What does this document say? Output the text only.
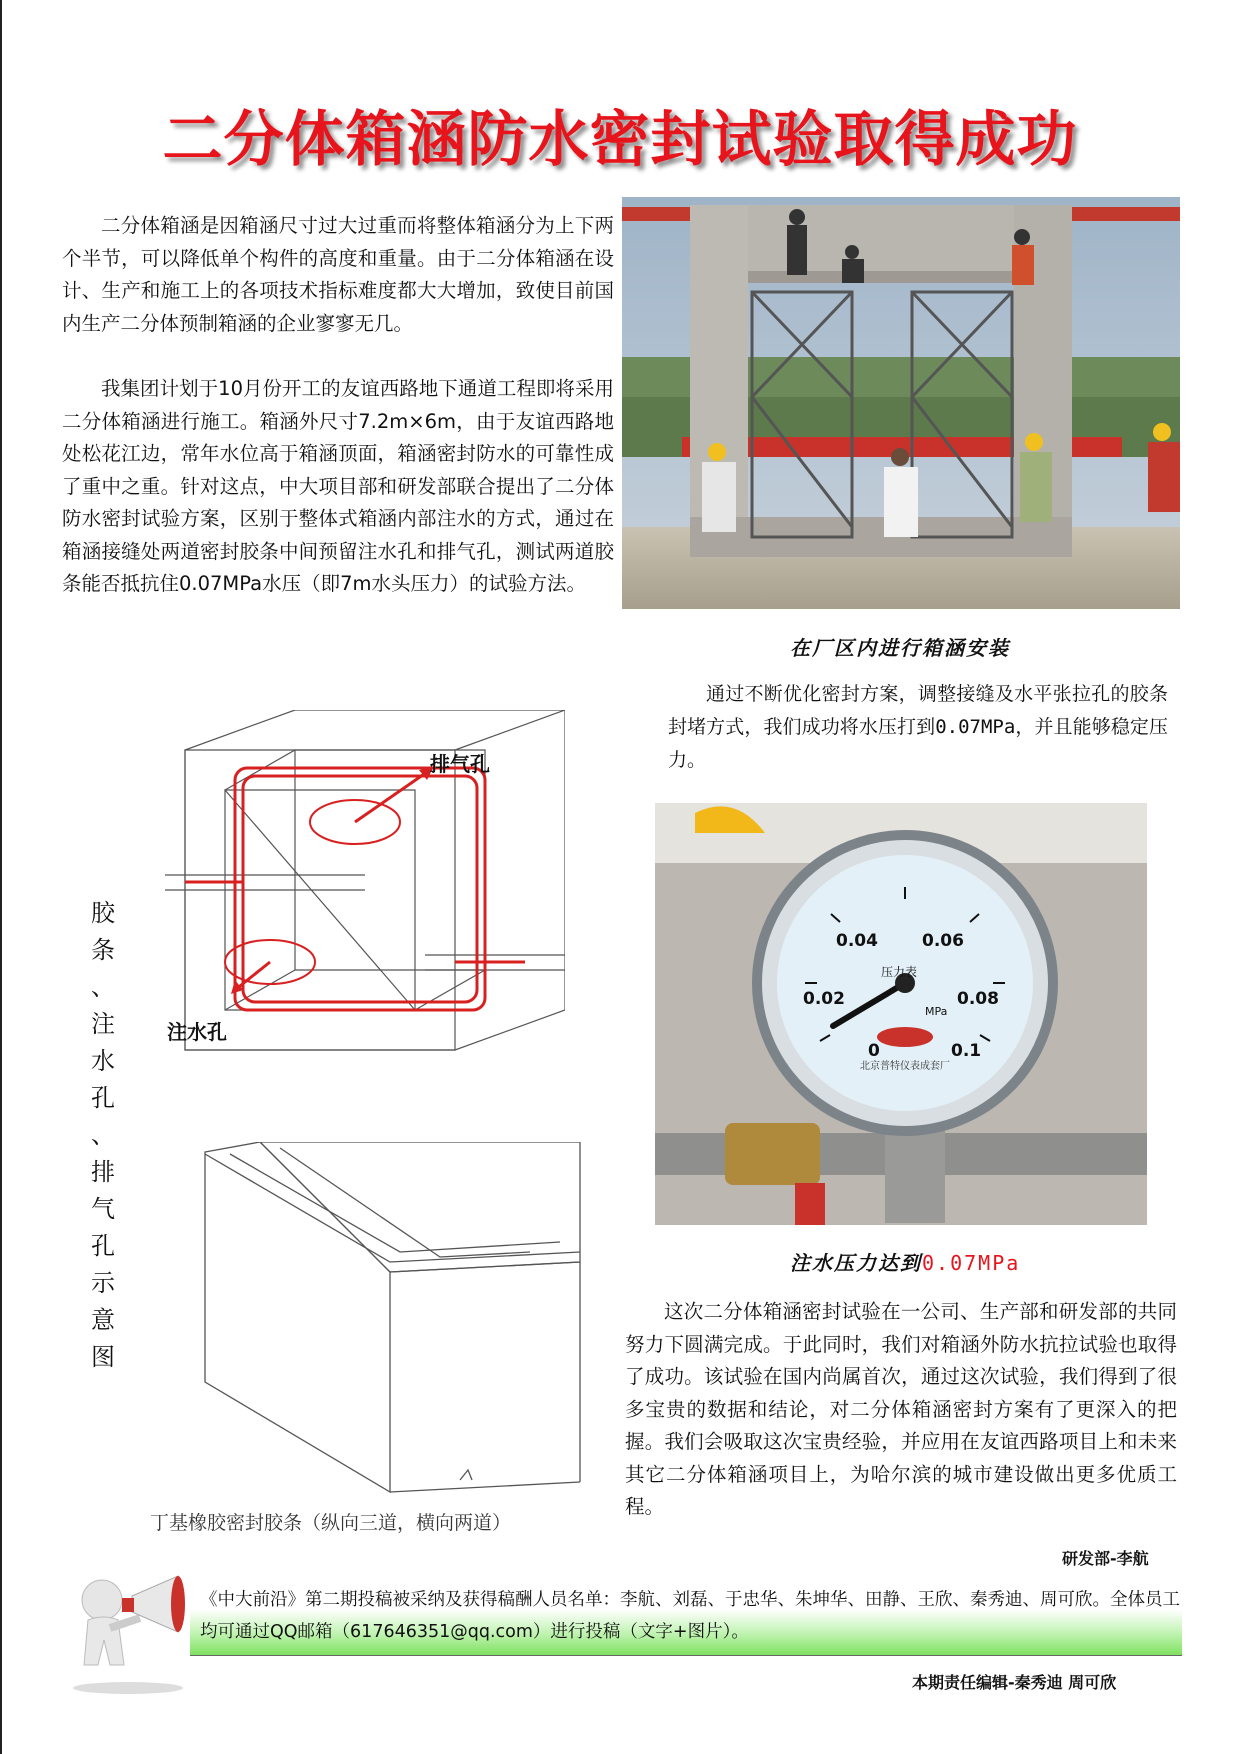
二分体箱涵防水密封试验取得成功

二分体箱涵是因箱涵尺寸过大过重而将整体箱涵分为上下两个半节，可以降低单个构件的高度和重量。由于二分体箱涵在设计、生产和施工上的各项技术指标难度都大大增加，致使目前国内生产二分体预制箱涵的企业寥寥无几。

我集团计划于10月份开工的友谊西路地下通道工程即将采用二分体箱涵进行施工。箱涵外尺寸7.2m×6m，由于友谊西路地处松花江边，常年水位高于箱涵顶面，箱涵密封防水的可靠性成了重中之重。针对这点，中大项目部和研发部联合提出了二分体防水密封试验方案，区别于整体式箱涵内部注水的方式，通过在箱涵接缝处两道密封胶条中间预留注水孔和排气孔，测试两道胶条能否抵抗住0.07MPa水压（即7m水头压力）的试验方法。

在厂区内进行箱涵安装

通过不断优化密封方案，调整接缝及水平张拉孔的胶条封堵方式，我们成功将水压打到0.07MPa，并且能够稳定压力。

北京普特仪表成套厂
0.04	0.06
0.02	0.08
0	0.1
压力表
MPa
注水压力达到0.07MPa
排气孔
注水孔
丁基橡胶密封胶条（纵向三道，横向两道）
胶
条
、
注
水
孔
、
排
气
孔
示
意
图

这次二分体箱涵密封试验在一公司、生产部和研发部的共同努力下圆满完成。于此同时，我们对箱涵外防水抗拉试验也取得了成功。该试验在国内尚属首次，通过这次试验，我们得到了很多宝贵的数据和结论，对二分体箱涵密封方案有了更深入的把握。我们会吸取这次宝贵经验，并应用在友谊西路项目上和未来其它二分体箱涵项目上，为哈尔滨的城市建设做出更多优质工程。

研发部-李航

《中大前沿》第二期投稿被采纳及获得稿酬人员名单：李航、刘磊、于忠华、朱坤华、田静、王欣、秦秀迪、周可欣。全体员工均可通过QQ邮箱（617646351@qq.com）进行投稿（文字+图片）。

本期责任编辑-秦秀迪 周可欣
